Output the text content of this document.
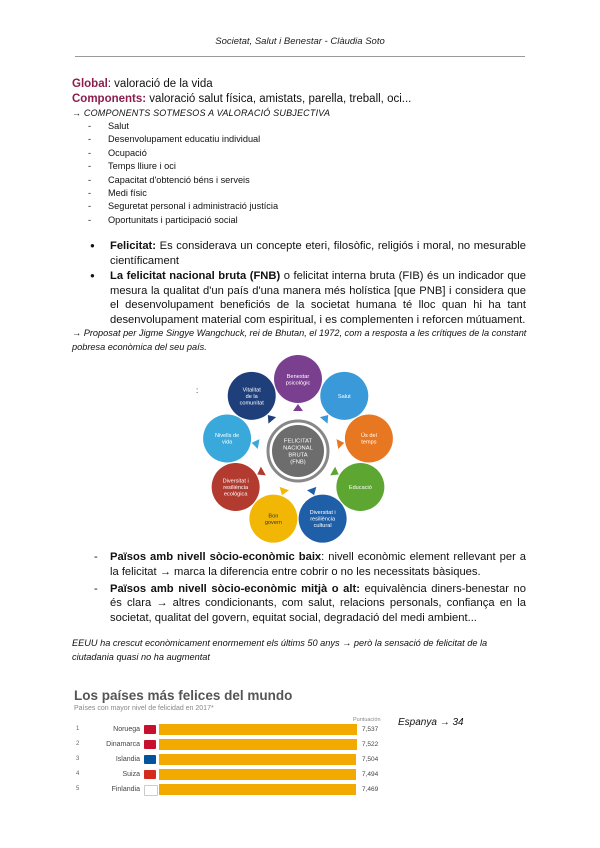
Societat, Salut i Benestar - Clàudia Soto
Global: valoració de la vida
Components: valoració salut física, amistats, parella, treball, oci...
→ COMPONENTS SOTMESOS A VALORACIÓ SUBJECTIVA
- Salut
- Desenvolupament educatiu individual
- Ocupació
- Temps lliure i oci
- Capacitat d'obtenció béns i serveis
- Medi físic
- Seguretat personal i administració justícia
- Oportunitats i participació social
● Felicitat: Es considerava un concepte eteri, filosòfic, religiós i moral, no mesurable científicament
● La felicitat nacional bruta (FNB) o felicitat interna bruta (FIB) és un indicador que mesura la qualitat d'un país d'una manera més holística [que PNB] i considera que el desenvolupament beneficiós de la societat humana té lloc quan hi ha tant desenvolupament material com espiritual, i es complementen i reforcen mútuament.
→ Proposat per Jigme Singye Wangchuck, rei de Bhutan, el 1972, com a resposta a les crítiques de la constant pobresa econòmica del seu país.
:
Benestar
psicològic
Salut
Ús del
temps
Educació
Diversitat i
resiliència
cultural
Bon
govern
Diversitat i
resiliència
ecològica
Nivells de
vida
Vitalitat
de la
comunitat
FELICITAT
NACIONAL
BRUTA
(FNB)
- Països amb nivell sòcio-econòmic baix: nivell econòmic element rellevant per a la felicitat → marca la diferencia entre cobrir o no les necessitats bàsiques.
- Països amb nivell sòcio-econòmic mitjà o alt: equivalència diners-benestar no és clara → altres condicionants, com salut, relacions personals, confiança en la societat, qualitat del govern, equitat social, degradació del medi ambient...
EEUU ha crescut econòmicament enormement els últims 50 anys → però la sensació de felicitat de la ciutadania quasi no ha augmentat
Los países más felices del mundo
Países con mayor nivel de felicidad en 2017*
Puntuación
1	Noruega	7,537
2	Dinamarca	7,522
3	Islandia	7,504
4	Suiza	7,494
5	Finlandia	7,469
Espanya → 34
